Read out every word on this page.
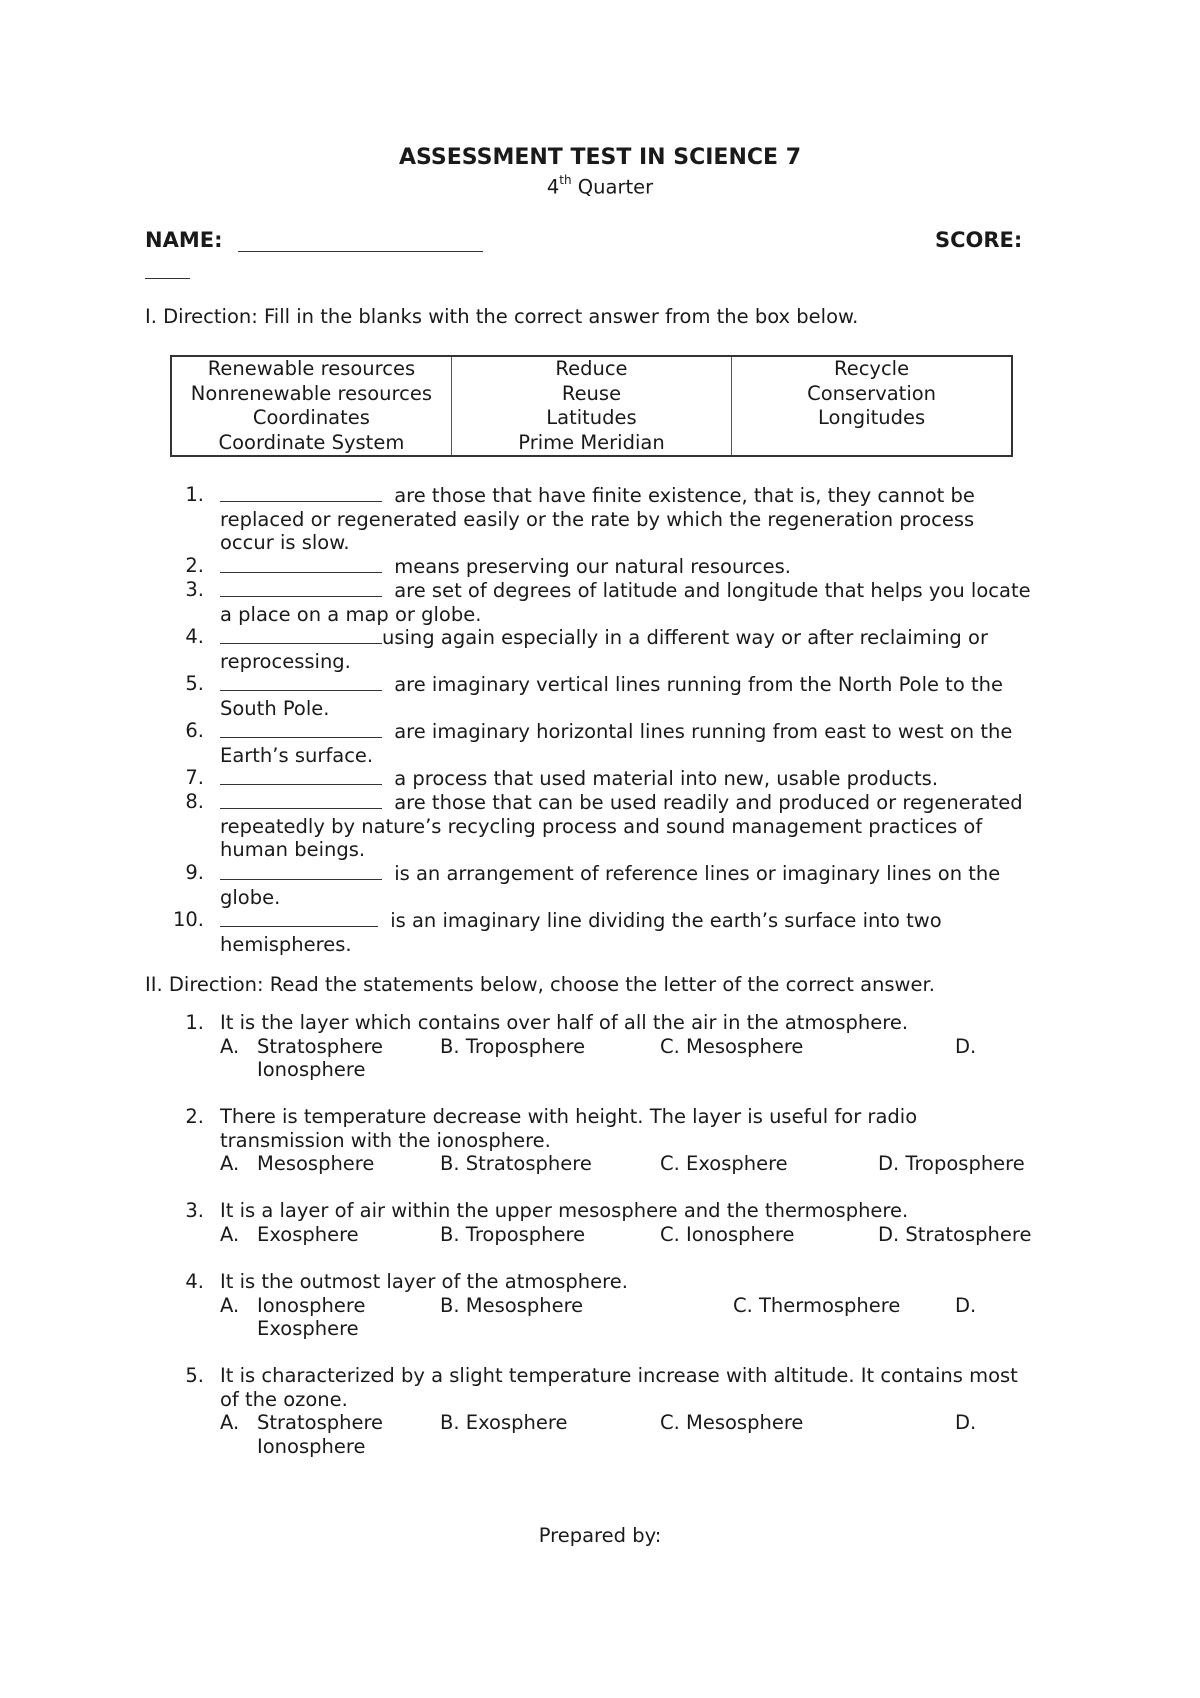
ASSESSMENT TEST IN SCIENCE 7
4th Quarter
NAME:	SCORE:
I. Direction: Fill in the blanks with the correct answer from the box below.
Renewable resources	Reduce	Recycle
Nonrenewable resources	Reuse	Conservation
Coordinates	Latitudes	Longitudes
Coordinate System	Prime Meridian	
1.	are those that have finite existence, that is, they cannot be
replaced or regenerated easily or the rate by which the regeneration process
occur is slow.
2.	means preserving our natural resources.
3.	are set of degrees of latitude and longitude that helps you locate
a place on a map or globe.
4.	using again especially in a different way or after reclaiming or
reprocessing.
5.	are imaginary vertical lines running from the North Pole to the
South Pole.
6.	are imaginary horizontal lines running from east to west on the
Earth’s surface.
7.	a process that used material into new, usable products.
8.	are those that can be used readily and produced or regenerated
repeatedly by nature’s recycling process and sound management practices of
human beings.
9.	is an arrangement of reference lines or imaginary lines on the
globe.
10.	is an imaginary line dividing the earth’s surface into two
hemispheres.
II. Direction: Read the statements below, choose the letter of the correct answer.
1. It is the layer which contains over half of all the air in the atmosphere.
A. Stratosphere	B. Troposphere	C. Mesosphere	D.
Ionosphere
2. There is temperature decrease with height. The layer is useful for radio
transmission with the ionosphere.
A. Mesosphere	B. Stratosphere	C. Exosphere	D. Troposphere
3. It is a layer of air within the upper mesosphere and the thermosphere.
A. Exosphere	B. Troposphere	C. Ionosphere	D. Stratosphere
4. It is the outmost layer of the atmosphere.
A. Ionosphere	B. Mesosphere	C. Thermosphere	D.
Exosphere
5. It is characterized by a slight temperature increase with altitude. It contains most
of the ozone.
A. Stratosphere	B. Exosphere	C. Mesosphere	D.
Ionosphere
Prepared by:
